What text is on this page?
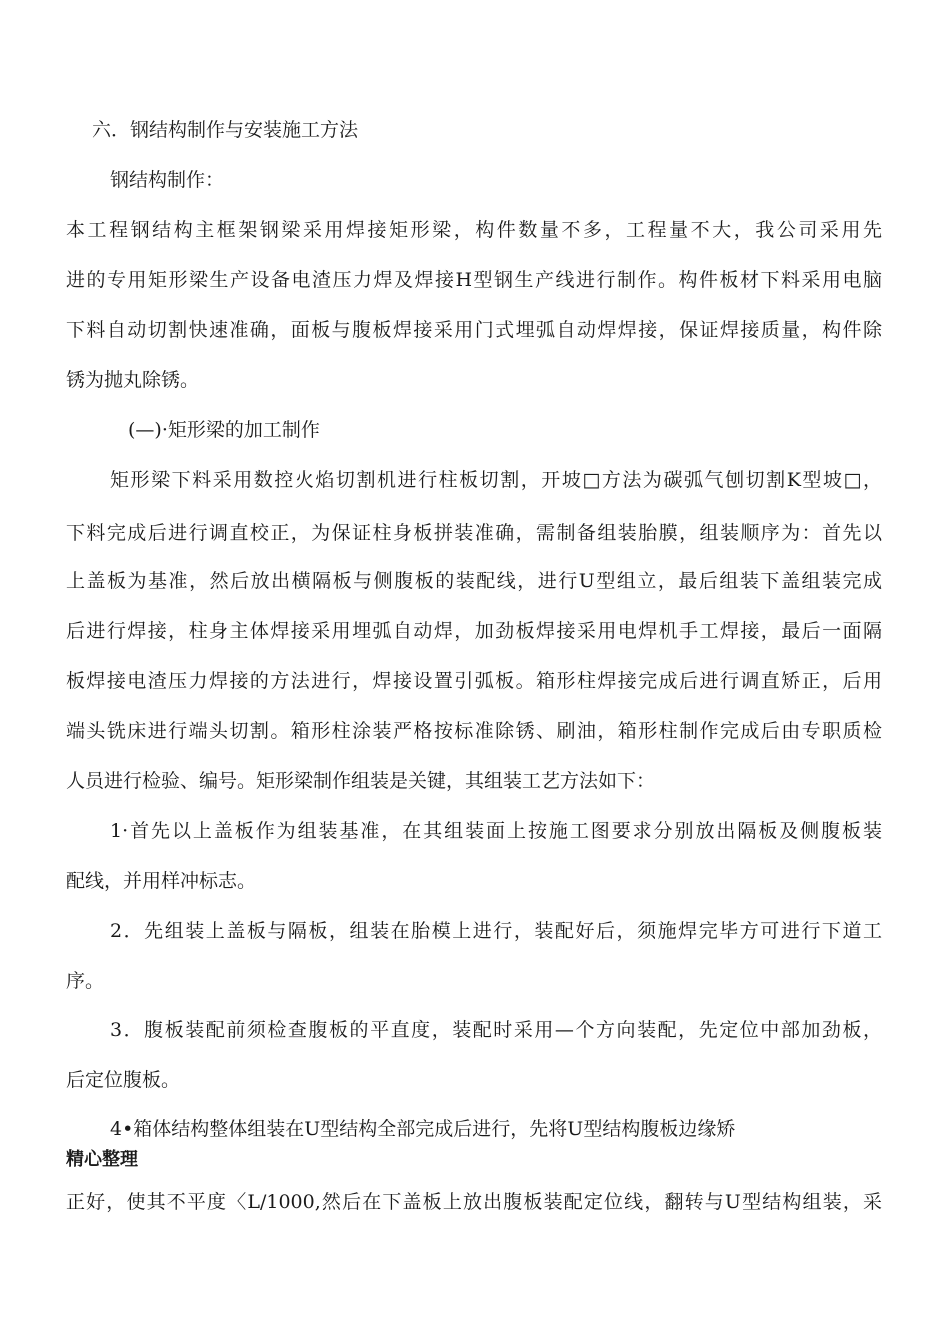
六．钢结构制作与安装施工方法
钢结构制作：
本工程钢结构主框架钢梁采用焊接矩形梁，构件数量不多，工程量不大，我公司采用先
进的专用矩形梁生产设备电渣压力焊及焊接H型钢生产线进行制作。构件板材下料采用电脑
下料自动切割快速准确，面板与腹板焊接采用门式埋弧自动焊焊接，保证焊接质量，构件除
锈为抛丸除锈。
(—)·矩形梁的加工制作
矩形梁下料采用数控火焰切割机进行柱板切割，开坡□方法为碳弧气刨切割K型坡□，
下料完成后进行调直校正，为保证柱身板拼装准确，需制备组装胎膜，组装顺序为：首先以
上盖板为基准，然后放出横隔板与侧腹板的装配线，进行U型组立，最后组装下盖组装完成
后进行焊接，柱身主体焊接采用埋弧自动焊，加劲板焊接采用电焊机手工焊接，最后一面隔
板焊接电渣压力焊接的方法进行，焊接设置引弧板。箱形柱焊接完成后进行调直矫正，后用
端头铣床进行端头切割。箱形柱涂装严格按标准除锈、刷油，箱形柱制作完成后由专职质检
人员进行检验、编号。矩形梁制作组装是关键，其组装工艺方法如下：
1·首先以上盖板作为组装基准，在其组装面上按施工图要求分别放出隔板及侧腹板装
配线，并用样冲标志。
2．先组装上盖板与隔板，组装在胎模上进行，装配好后，须施焊完毕方可进行下道工
序。
3．腹板装配前须检查腹板的平直度，装配时采用—个方向装配，先定位中部加劲板，
后定位腹板。
4•箱体结构整体组装在U型结构全部完成后进行，先将U型结构腹板边缘矫
精心整理
正好，使其不平度〈L/1000,然后在下盖板上放出腹板装配定位线，翻转与U型结构组装，采
